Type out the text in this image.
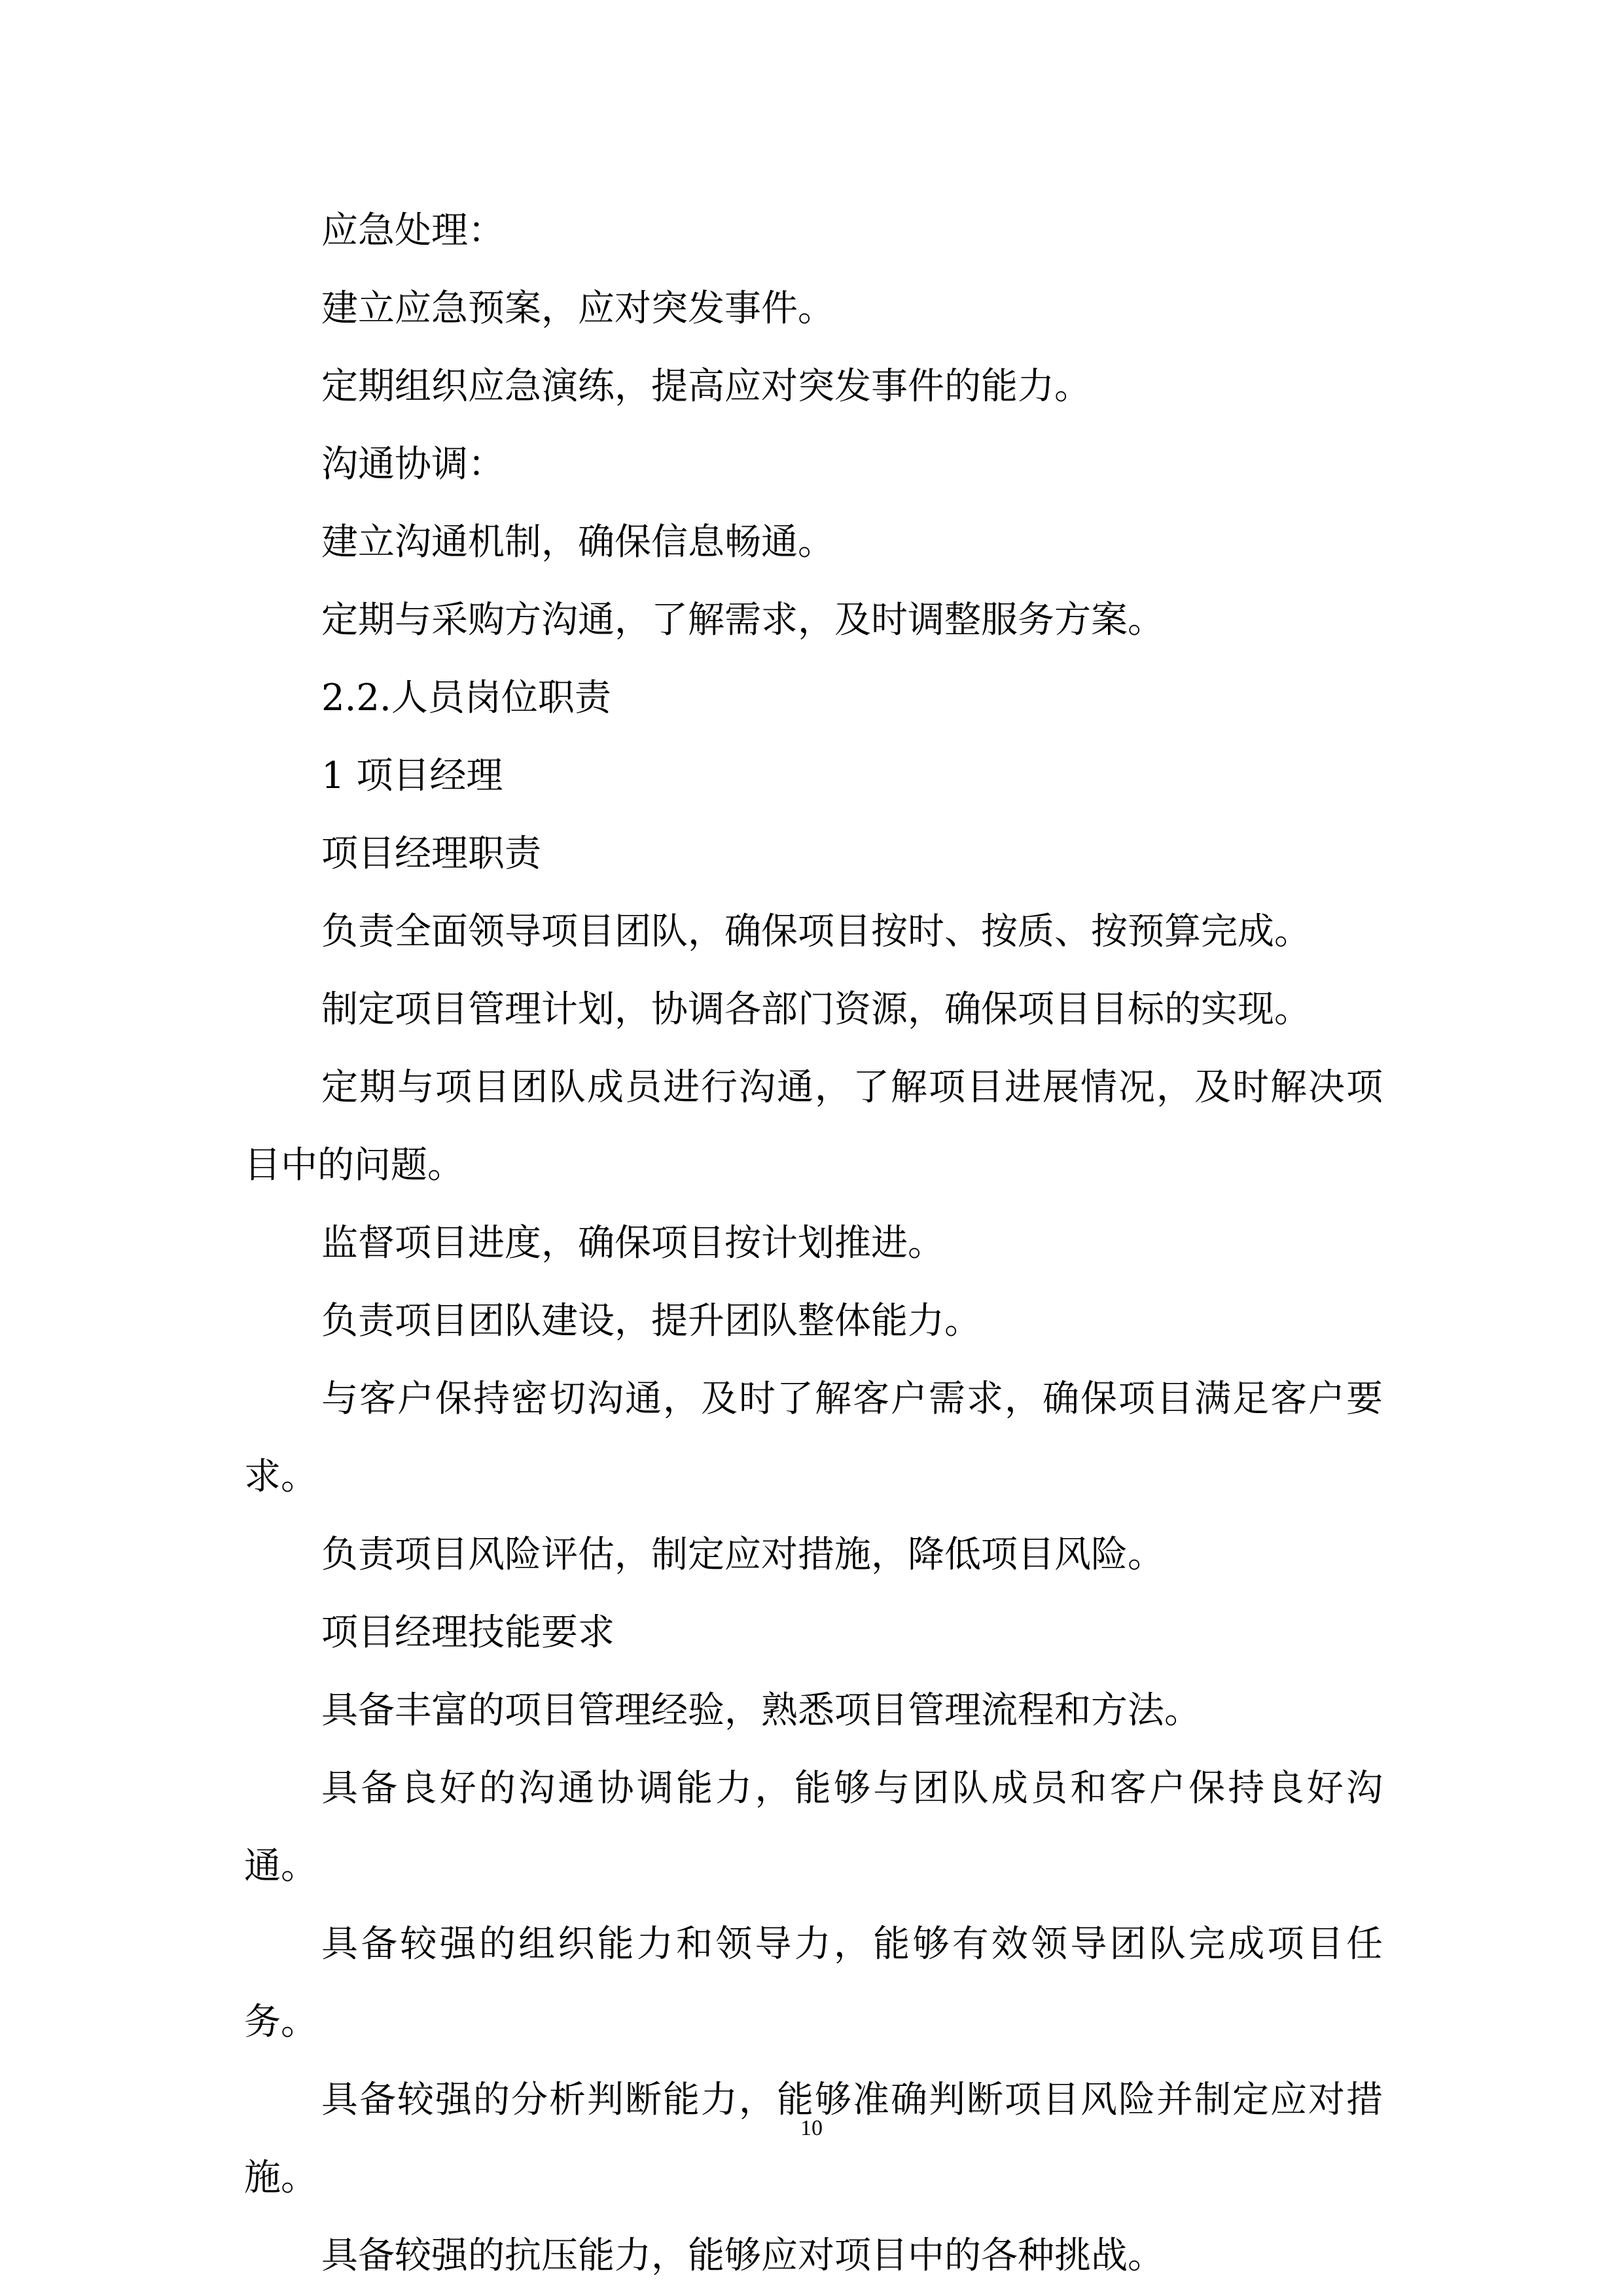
应急处理：

建立应急预案，应对突发事件。

定期组织应急演练，提高应对突发事件的能力。

沟通协调：

建立沟通机制，确保信息畅通。

定期与采购方沟通，了解需求，及时调整服务方案。

2.2.人员岗位职责

1 项目经理

项目经理职责

负责全面领导项目团队，确保项目按时、按质、按预算完成。

制定项目管理计划，协调各部门资源，确保项目目标的实现。

定期与项目团队成员进行沟通，了解项目进展情况，及时解决项目中的问题。

监督项目进度，确保项目按计划推进。

负责项目团队建设，提升团队整体能力。

与客户保持密切沟通，及时了解客户需求，确保项目满足客户要求。

负责项目风险评估，制定应对措施，降低项目风险。

项目经理技能要求

具备丰富的项目管理经验，熟悉项目管理流程和方法。

具备良好的沟通协调能力，能够与团队成员和客户保持良好沟通。

具备较强的组织能力和领导力，能够有效领导团队完成项目任务。

具备较强的分析判断能力，能够准确判断项目风险并制定应对措施。

具备较强的抗压能力，能够应对项目中的各种挑战。

10
